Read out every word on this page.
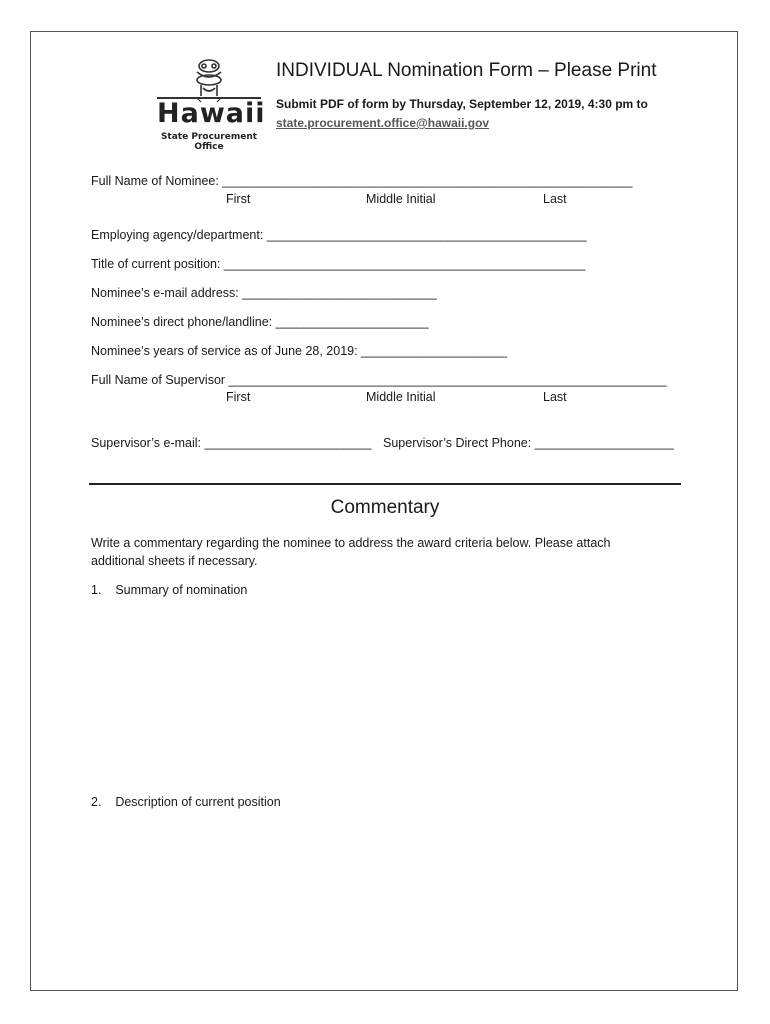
Hawaii
State Procurement Office
INDIVIDUAL Nomination Form – Please Print
Submit PDF of form by Thursday, September 12, 2019, 4:30 pm to
state.procurement.office@hawaii.gov
Full Name of Nominee: ___________________________________________________________
First	Middle Initial	Last
Employing agency/department: ______________________________________________
Title of current position: ____________________________________________________
Nominee’s e-mail address: ____________________________
Nominee’s direct phone/landline: ______________________
Nominee’s years of service as of June 28, 2019: _____________________
Full Name of Supervisor _______________________________________________________________
First	Middle Initial	Last
Supervisor’s e-mail: ________________________ Supervisor’s Direct Phone: ____________________
Commentary
Write a commentary regarding the nominee to address the award criteria below. Please attach additional sheets if necessary.
1.    Summary of nomination
2.    Description of current position
